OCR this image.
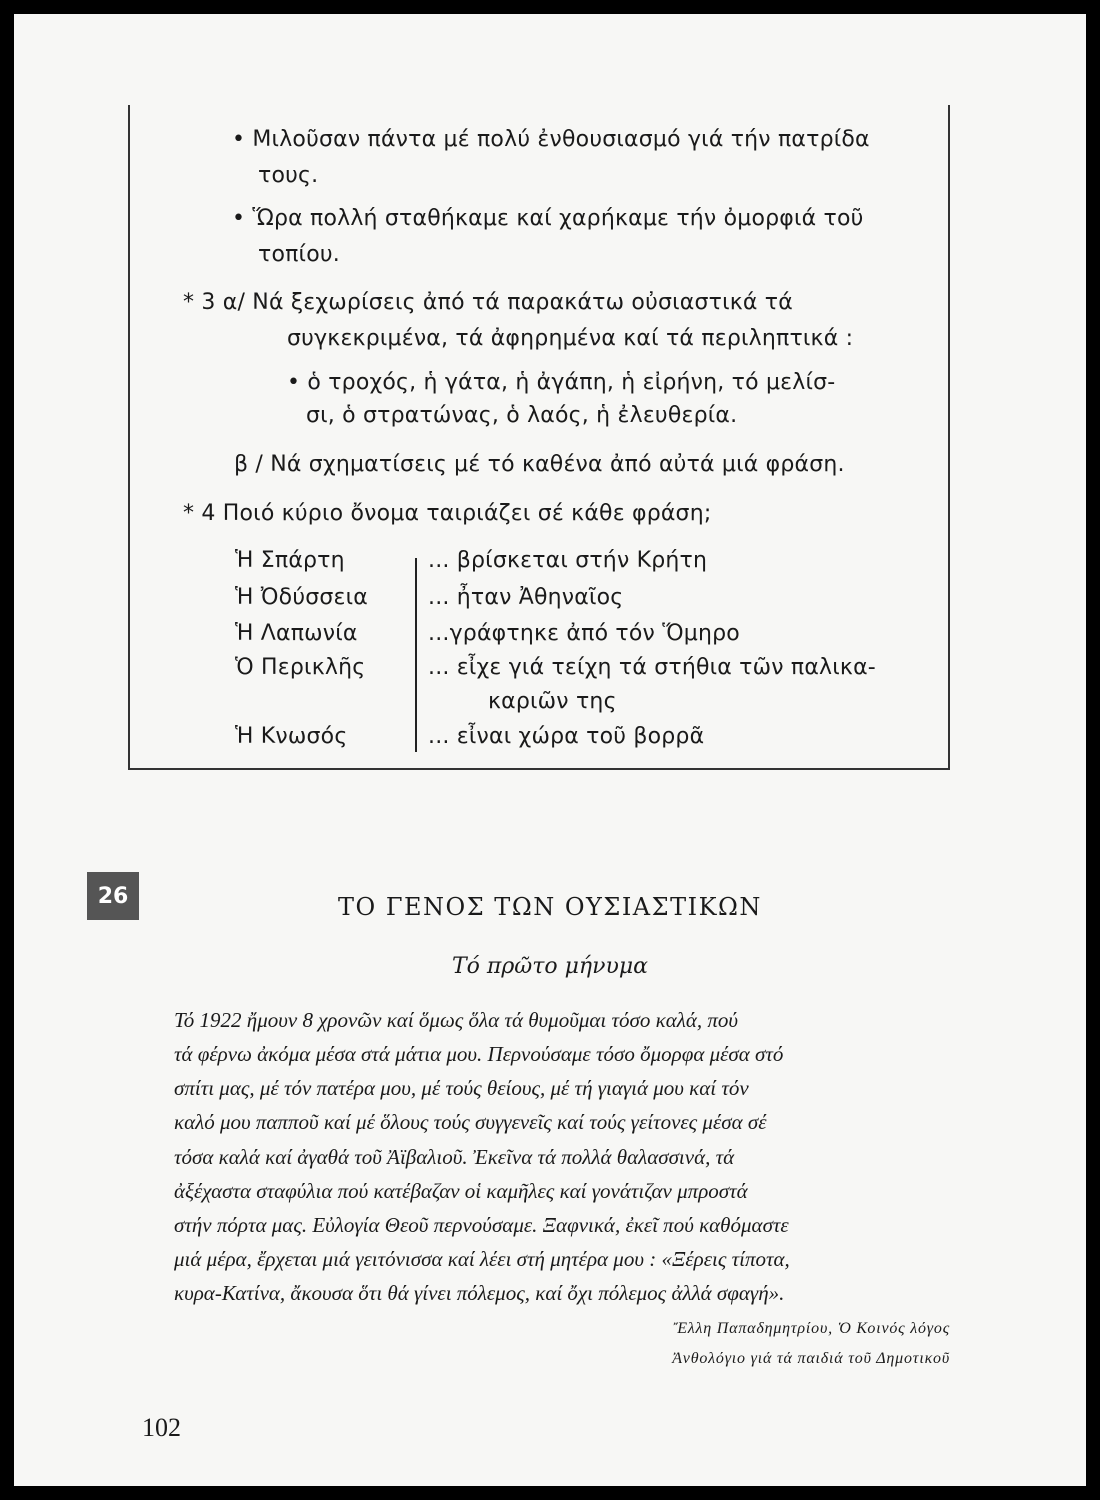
• Μιλοῦσαν πάντα μέ πολύ ἐνθουσιασμό γιά τήν πατρίδα
τους.
• Ὥρα πολλή σταθήκαμε καί χαρήκαμε τήν ὀμορφιά τοῦ
τοπίου.
* 3 α/ Νά ξεχωρίσεις ἀπό τά παρακάτω οὐσιαστικά τά
συγκεκριμένα, τά ἀφηρημένα καί τά περιληπτικά :
• ὁ τροχός, ἡ γάτα, ἡ ἀγάπη, ἡ εἰρήνη, τό μελίσ-
σι, ὁ στρατώνας, ὁ λαός, ἡ ἐλευθερία.
β / Νά σχηματίσεις μέ τό καθένα ἀπό αὐτά μιά φράση.
* 4 Ποιό κύριο ὄνομα ταιριάζει σέ κάθε φράση;
Ἡ Σπάρτη
Ἡ Ὀδύσσεια
Ἡ Λαπωνία
Ὁ Περικλῆς
Ἡ Κνωσός
... βρίσκεται στήν Κρήτη
... ἦταν Ἀθηναῖος
...γράφτηκε ἀπό τόν Ὅμηρο
... εἶχε γιά τείχη τά στήθια τῶν παλικα-
καριῶν της
... εἶναι χώρα τοῦ βορρᾶ
26	ΤΟ ΓΕΝΟΣ ΤΩΝ ΟΥΣΙΑΣΤΙΚΩΝ
Τό πρῶτο μήνυμα
Τό 1922 ἤμουν 8 χρονῶν καί ὅμως ὅλα τά θυμοῦμαι τόσο καλά, πού
τά φέρνω ἀκόμα μέσα στά μάτια μου. Περνούσαμε τόσο ὄμορφα μέσα στό
σπίτι μας, μέ τόν πατέρα μου, μέ τούς θείους, μέ τή γιαγιά μου καί τόν
καλό μου παπποῦ καί μέ ὅλους τούς συγγενεῖς καί τούς γείτονες μέσα σέ
τόσα καλά καί ἀγαθά τοῦ Ἀϊβαλιοῦ. Ἐκεῖνα τά πολλά θαλασσινά, τά
ἀξέχαστα σταφύλια πού κατέβαζαν οἱ καμῆλες καί γονάτιζαν μπροστά
στήν πόρτα μας. Εὐλογία Θεοῦ περνούσαμε. Ξαφνικά, ἐκεῖ πού καθόμαστε
μιά μέρα, ἔρχεται μιά γειτόνισσα καί λέει στή μητέρα μου : «Ξέρεις τίποτα,
κυρα-Κατίνα, ἄκουσα ὅτι θά γίνει πόλεμος, καί ὄχι πόλεμος ἀλλά σφαγή».
Ἔλλη Παπαδημητρίου, Ὁ Κοινός λόγος
Ἀνθολόγιο γιά τά παιδιά τοῦ Δημοτικοῦ
102
